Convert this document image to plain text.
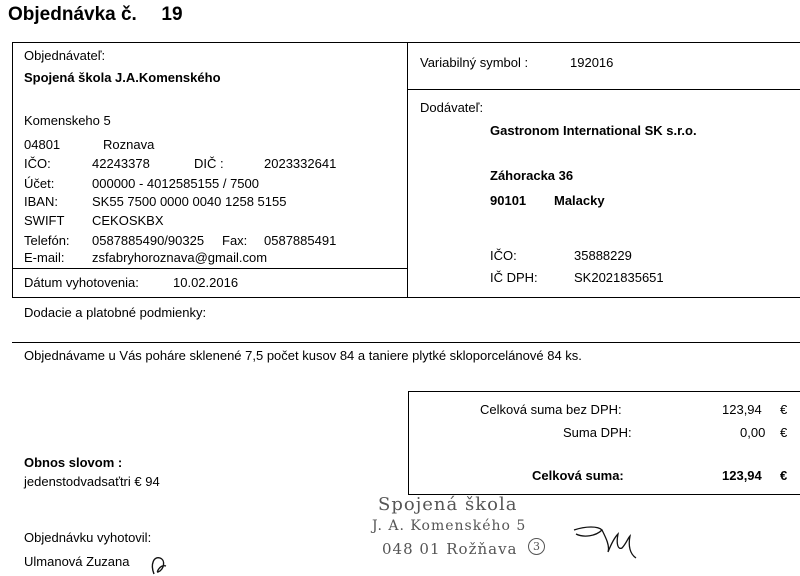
Objednávka č. 19
Objednávateľ:
Spojená škola J.A.Komenského
Komenskeho 5
04801	Roznava
IČO:	42243378	DIČ :	2023332641
Účet:	000000 - 4012585155 / 7500
IBAN:	SK55 7500 0000 0040 1258 5155
SWIFT CEKOSKBX
Telefón: 0587885490/90325 Fax: 0587885491
E-mail: zsfabryhoroznava@gmail.com
Dátum vyhotovenia:	10.02.2016
Variabilný symbol :	192016
Dodávateľ:
Gastronom International SK s.r.o.
Záhoracka 36
90101 Malacky
IČO:	35888229
IČ DPH:	SK2021835651
Dodacie a platobné podmienky:
Objednávame u Vás poháre sklenené 7,5 počet kusov 84 a taniere plytké skloporcelánové 84 ks.
Celková suma bez DPH:	123,94 €
Suma DPH:	0,00 €
Celková suma:	123,94 €
Obnos slovom :
jedenstodvadsaťtri € 94
Objednávku vyhotovil:
Ulmanová Zuzana
Spojená škola
J. A. Komenského 5
048 01 Rožňava	3
